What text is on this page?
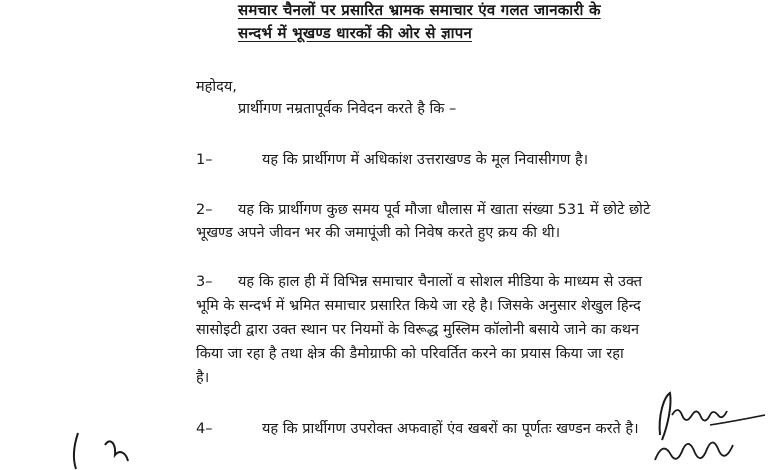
समचार चैनलों पर प्रसारित भ्रामक समाचार एंव गलत जानकारी के
सन्दर्भ में भूखण्ड धारकों की ओर से ज्ञापन
महोदय,
प्रार्थीगण नम्रतापूर्वक निवेदन करते है कि –
1–	यह कि प्रार्थीगण में अधिकांश उत्तराखण्ड के मूल निवासीगण है।
2– यह कि प्रार्थीगण कुछ समय पूर्व मौजा धौलास में खाता संख्या 531 में छोटे छोटे
भूखण्ड अपने जीवन भर की जमापूंजी को निवेष करते हुए क्रय की थी।
3– यह कि हाल ही में विभिन्न समाचार चैनालों व सोशल मीडिया के माध्यम से उक्त
भूमि के सन्दर्भ में भ्रमित समाचार प्रसारित किये जा रहे है। जिसके अनुसार शेखुल हिन्द
सासोइटी द्वारा उक्त स्थान पर नियमों के विरूद्ध मुस्लिम कॉलोनी बसाये जाने का कथन
किया जा रहा है तथा क्षेत्र की डैमोग्राफी को परिवर्तित करने का प्रयास किया जा रहा
है।
4–	यह कि प्रार्थीगण उपरोक्त अफवाहों एंव खबरों का पूर्णतः खण्डन करते है।
